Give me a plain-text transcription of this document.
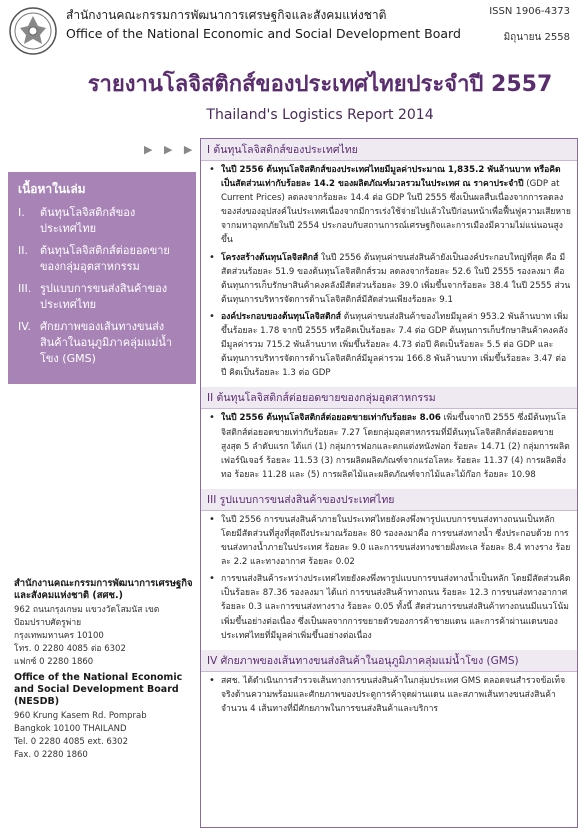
สำนักงานคณะกรรมการพัฒนาการเศรษฐกิจและสังคมแห่งชาติ
Office of the National Economic and Social Development Board
ISSN 1906-4373
มิถุนายน 2558
รายงานโลจิสติกส์ของประเทศไทยประจำปี 2557
Thailand's Logistics Report 2014
▶ ▶ ▶
เนื้อหาในเล่ม
I.	ต้นทุนโลจิสติกส์ของประเทศไทย
II.	ต้นทุนโลจิสติกส์ต่อยอดขายของกลุ่มอุตสาหกรรม
III. รูปแบบการขนส่งสินค้าของประเทศไทย
IV. ศักยภาพของเส้นทางขนส่งสินค้าในอนุภูมิภาคลุ่มแม่น้ำโขง (GMS)
สำนักงานคณะกรรมการพัฒนาการเศรษฐกิจและสังคมแห่งชาติ (สศช.)
962 ถนนกรุงเกษม แขวงวัดโสมนัส เขตป้อมปราบศัตรูพ่าย
กรุงเทพมหานคร 10100
โทร. 0 2280 4085 ต่อ 6302
แฟกซ์ 0 2280 1860
Office of the National Economic and Social Development Board (NESDB)
960 Krung Kasem Rd. Pomprab
Bangkok 10100 THAILAND
Tel. 0 2280 4085 ext. 6302
Fax. 0 2280 1860
I ต้นทุนโลจิสติกส์ของประเทศไทย
• ในปี 2556 ต้นทุนโลจิสติกส์ของประเทศไทยมีมูลค่าประมาณ 1,835.2 พันล้านบาท หรือคิดเป็นสัดส่วนเท่ากับร้อยละ 14.2 ของผลิตภัณฑ์มวลรวมในประเทศ ณ ราคาประจำปี (GDP at Current Prices) ลดลงจากร้อยละ 14.4 ต่อ GDP ในปี 2555 ซึ่งเป็นผลสืบเนื่องจากการลดลงของส่งของอุปสงค์ในประเทศเนื่องจากมีการเร่งใช้จ่ายไปแล้วในปีก่อนหน้าเพื่อฟื้นฟูความเสียหายจากมหาอุทกภัยในปี 2554 ประกอบกับสถานการณ์เศรษฐกิจและการเมืองมีความไม่แน่นอนสูงขึ้น
• โครงสร้างต้นทุนโลจิสติกส์ ในปี 2556 ต้นทุนค่าขนส่งสินค้ายังเป็นองค์ประกอบใหญ่ที่สุด คือ มีสัดส่วนร้อยละ 51.9 ของต้นทุนโลจิสติกส์รวม ลดลงจากร้อยละ 52.6 ในปี 2555 รองลงมา คือ ต้นทุนการเก็บรักษาสินค้าคงคลังมีสัดส่วนร้อยละ 39.0 เพิ่มขึ้นจากร้อยละ 38.4 ในปี 2555 ส่วนต้นทุนการบริหารจัดการด้านโลจิสติกส์มีสัดส่วนเพียงร้อยละ 9.1
• องค์ประกอบของต้นทุนโลจิสติกส์ ต้นทุนค่าขนส่งสินค้าของไทยมีมูลค่า 953.2 พันล้านบาท เพิ่มขึ้นร้อยละ 1.78 จากปี 2555 หรือคิดเป็นร้อยละ 7.4 ต่อ GDP ต้นทุนการเก็บรักษาสินค้าคงคลังมีมูลค่ารวม 715.2 พันล้านบาท เพิ่มขึ้นร้อยละ 4.73 ต่อปี คิดเป็นร้อยละ 5.5 ต่อ GDP และต้นทุนการบริหารจัดการด้านโลจิสติกส์มีมูลค่ารวม 166.8 พันล้านบาท เพิ่มขึ้นร้อยละ 3.47 ต่อปี คิดเป็นร้อยละ 1.3 ต่อ GDP
II ต้นทุนโลจิสติกส์ต่อยอดขายของกลุ่มอุตสาหกรรม
• ในปี 2556 ต้นทุนโลจิสติกส์ต่อยอดขายเท่ากับร้อยละ 8.06 เพิ่มขึ้นจากปี 2555 ซึ่งมีต้นทุนโลจิสติกส์ต่อยอดขายเท่ากับร้อยละ 7.27 โดยกลุ่มอุตสาหกรรมที่มีต้นทุนโลจิสติกส์ต่อยอดขายสูงสุด 5 ลำดับแรก ได้แก่ (1) กลุ่มการฟอกและตกแต่งหนังฟอก ร้อยละ 14.71 (2) กลุ่มการผลิตเฟอร์นิเจอร์ ร้อยละ 11.53 (3) การผลิตผลิตภัณฑ์จากแร่อโลหะ ร้อยละ 11.37 (4) การผลิตสิ่งทอ ร้อยละ 11.28 และ (5) การผลิตไม้และผลิตภัณฑ์จากไม้และไม้ก๊อก ร้อยละ 10.98
III รูปแบบการขนส่งสินค้าของประเทศไทย
• ในปี 2556 การขนส่งสินค้าภายในประเทศไทยยังคงพึ่งพารูปแบบการขนส่งทางถนนเป็นหลัก โดยมีสัดส่วนที่สูงที่สุดถึงประมาณร้อยละ 80 รองลงมาคือ การขนส่งทางน้ำ ซึ่งประกอบด้วย การขนส่งทางน้ำภายในประเทศ ร้อยละ 9.0 และการขนส่งทางชายฝั่งทะเล ร้อยละ 8.4 ทางราง ร้อยละ 2.2 และทางอากาศ ร้อยละ 0.02
• การขนส่งสินค้าระหว่างประเทศไทยยังคงพึ่งพารูปแบบการขนส่งทางน้ำเป็นหลัก โดยมีสัดส่วนคิดเป็นร้อยละ 87.36 รองลงมา ได้แก่ การขนส่งสินค้าทางถนน ร้อยละ 12.3 การขนส่งทางอากาศ ร้อยละ 0.3 และการขนส่งทางราง ร้อยละ 0.05 ทั้งนี้ สัดส่วนการขนส่งสินค้าทางถนนมีแนวโน้มเพิ่มขึ้นอย่างต่อเนื่อง ซึ่งเป็นผลจากการขยายตัวของการค้าชายแดน และการค้าผ่านแดนของประเทศไทยที่มีมูลค่าเพิ่มขึ้นอย่างต่อเนื่อง
IV ศักยภาพของเส้นทางขนส่งสินค้าในอนุภูมิภาคลุ่มแม่น้ำโขง (GMS)
• สศช. ได้ดำเนินการสำรวจเส้นทางการขนส่งสินค้าในกลุ่มประเทศ GMS ตลอดจนสำรวจข้อเท็จจริงด้านความพร้อมและศักยภาพของประตูการค้าจุดผ่านแดน และสภาพเส้นทางขนส่งสินค้า จำนวน 4 เส้นทางที่มีศักยภาพในการขนส่งสินค้าและบริการ
